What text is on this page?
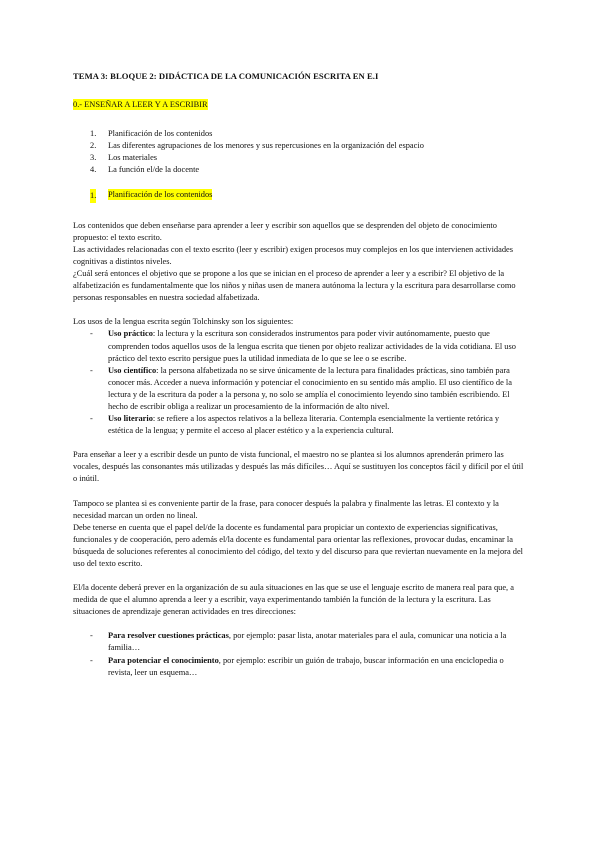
TEMA 3: BLOQUE 2: DIDÁCTICA DE LA COMUNICACIÓN ESCRITA EN E.I
0.- ENSEÑAR A LEER Y A ESCRIBIR
1. Planificación de los contenidos
2. Las diferentes agrupaciones de los menores y sus repercusiones en la organización del espacio
3. Los materiales
4. La función el/de la docente
1. Planificación de los contenidos

Los contenidos que deben enseñarse para aprender a leer y escribir son aquellos que se desprenden del objeto de conocimiento propuesto: el texto escrito.

Las actividades relacionadas con el texto escrito (leer y escribir) exigen procesos muy complejos en los que intervienen actividades cognitivas a distintos niveles.

¿Cuál será entonces el objetivo que se propone a los que se inician en el proceso de aprender a leer y a escribir? El objetivo de la alfabetización es fundamentalmente que los niños y niñas usen de manera autónoma la lectura y la escritura para desarrollarse como personas responsables en nuestra sociedad alfabetizada.

Los usos de la lengua escrita según Tolchinsky son los siguientes:

- Uso práctico: la lectura y la escritura son considerados instrumentos para poder vivir autónomamente, puesto que comprenden todos aquellos usos de la lengua escrita que tienen por objeto realizar actividades de la vida cotidiana. El uso práctico del texto escrito persigue pues la utilidad inmediata de lo que se lee o se escribe.
- Uso científico: la persona alfabetizada no se sirve únicamente de la lectura para finalidades prácticas, sino también para conocer más. Acceder a nueva información y potenciar el conocimiento en su sentido más amplio. El uso científico de la lectura y de la escritura da poder a la persona y, no solo se amplía el conocimiento leyendo sino también escribiendo. El hecho de escribir obliga a realizar un procesamiento de la información de alto nivel.
- Uso literario: se refiere a los aspectos relativos a la belleza literaria. Contempla esencialmente la vertiente retórica y estética de la lengua; y permite el acceso al placer estético y a la experiencia cultural.

Para enseñar a leer y a escribir desde un punto de vista funcional, el maestro no se plantea si los alumnos aprenderán primero las vocales, después las consonantes más utilizadas y después las más difíciles… Aquí se sustituyen los conceptos fácil y difícil por el útil o inútil.

Tampoco se plantea si es conveniente partir de la frase, para conocer después la palabra y finalmente las letras. El contexto y la necesidad marcan un orden no lineal.

Debe tenerse en cuenta que el papel del/de la docente es fundamental para propiciar un contexto de experiencias significativas, funcionales y de cooperación, pero además el/la docente es fundamental para orientar las reflexiones, provocar dudas, encaminar la búsqueda de soluciones referentes al conocimiento del código, del texto y del discurso para que reviertan nuevamente en la mejora del uso del texto escrito.

El/la docente deberá prever en la organización de su aula situaciones en las que se use el lenguaje escrito de manera real para que, a medida de que el alumno aprenda a leer y a escribir, vaya experimentando también la función de la lectura y la escritura. Las situaciones de aprendizaje generan actividades en tres direcciones:

- Para resolver cuestiones prácticas, por ejemplo: pasar lista, anotar materiales para el aula, comunicar una noticia a la familia…
- Para potenciar el conocimiento, por ejemplo: escribir un guión de trabajo, buscar información en una enciclopedia o revista, leer un esquema…
